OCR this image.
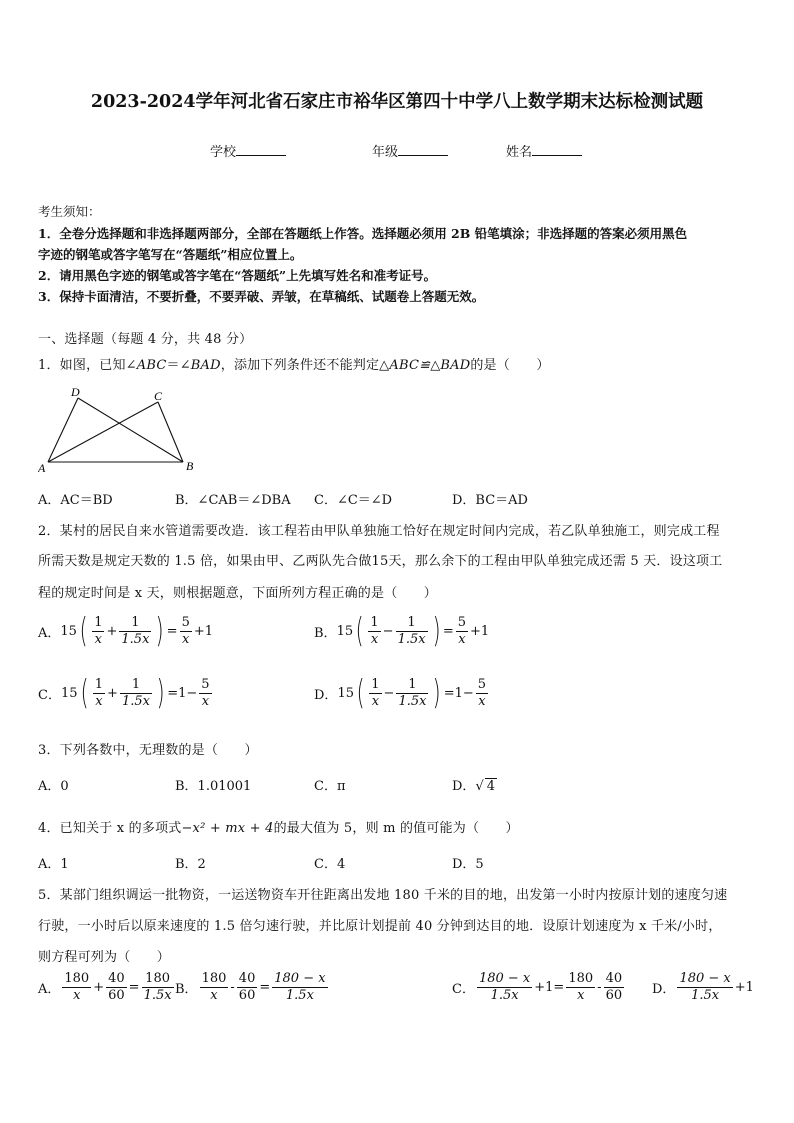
2023-2024学年河北省石家庄市裕华区第四十中学八上数学期末达标检测试题
学校	年级	姓名
考生须知：
1．全卷分选择题和非选择题两部分，全部在答题纸上作答。选择题必须用 2B 铅笔填涂；非选择题的答案必须用黑色
字迹的钢笔或答字笔写在“答题纸”相应位置上。
2．请用黑色字迹的钢笔或答字笔在“答题纸”上先填写姓名和准考证号。
3．保持卡面清洁，不要折叠，不要弄破、弄皱，在草稿纸、试题卷上答题无效。
一、选择题（每题 4 分，共 48 分）
1．如图，已知∠ABC＝∠BAD，添加下列条件还不能判定△ABC≌△BAD的是（　　）
D	C
A	B
A．AC＝BD	B．∠CAB＝∠DBA C．∠C＝∠D	D．BC＝AD
2．某村的居民自来水管道需要改造．该工程若由甲队单独施工恰好在规定时间内完成，若乙队单独施工，则完成工程
所需天数是规定天数的 1.5 倍，如果由甲、乙两队先合做15天，那么余下的工程由甲队单独完成还需 5 天．设这项工
程的规定时间是 x 天，则根据题意，下面所列方程正确的是（　　）
A．$15( \frac{1}{x} + \frac{1}{1.5x}$ ) = $\frac{5}{x} +1$	B．$15( \frac{1}{x} - \frac{1}{1.5x}$ ) = $\frac{5}{x} +1$
C．$15( \frac{1}{x} + \frac{1}{1.5x}$ ) $=1- \frac{5}{x}$	D．$15( \frac{1}{x} - \frac{1}{1.5x}$ ) $=1- \frac{5}{x}$
3．下列各数中，无理数的是（　　）
A．0	B．1.01001	C．π	D．√ 4
4．已知关于 x 的多项式−x² + mx + 4的最大值为 5，则 m 的值可能为（　　）
A．1	B．2	C．4	D．5
5．某部门组织调运一批物资，一运送物资车开往距离出发地 180 千米的目的地，出发第一小时内按原计划的速度匀速
行驶，一小时后以原来速度的 1.5 倍匀速行驶，并比原计划提前 40 分钟到达目的地．设原计划速度为 x 千米/小时，
则方程可列为（　　）
A． $\frac{180}{x} + \frac{40}{60} = \frac{180}{1.5x}$ B． $\frac{180}{x} - \frac{40}{60} = \frac{180 - x}{1.5x}$	C． $\frac{180 - x}{1.5x} +1= \frac{180}{x} - \frac{40}{60}$ D． $\frac{180 - x}{1.5x} +1$
